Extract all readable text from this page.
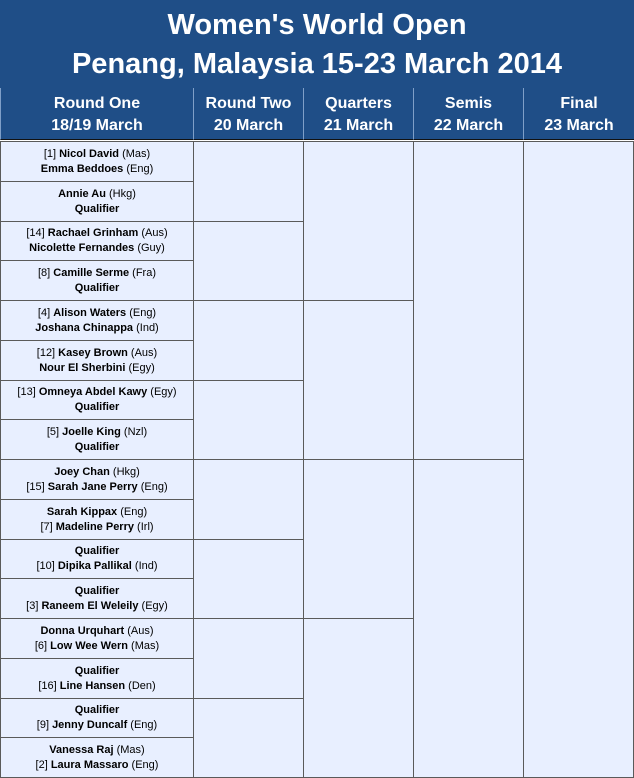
Women's World Open
Penang, Malaysia 15-23 March 2014
Round One
18/19 March
Round Two
20 March
Quarters
21 March
Semis
22 March
Final
23 March
[1] Nicol David (Mas)
Emma Beddoes (Eng)
Annie Au (Hkg)
Qualifier
[14] Rachael Grinham (Aus)
Nicolette Fernandes (Guy)
[8] Camille Serme (Fra)
Qualifier
[4] Alison Waters (Eng)
Joshana Chinappa (Ind)
[12] Kasey Brown (Aus)
Nour El Sherbini (Egy)
[13] Omneya Abdel Kawy (Egy)
Qualifier
[5] Joelle King (Nzl)
Qualifier
Joey Chan (Hkg)
[15] Sarah Jane Perry (Eng)
Sarah Kippax (Eng)
[7] Madeline Perry (Irl)
Qualifier
[10] Dipika Pallikal (Ind)
Qualifier
[3] Raneem El Weleily (Egy)
Donna Urquhart (Aus)
[6] Low Wee Wern (Mas)
Qualifier
[16] Line Hansen (Den)
Qualifier
[9] Jenny Duncalf (Eng)
Vanessa Raj (Mas)
[2] Laura Massaro (Eng)
